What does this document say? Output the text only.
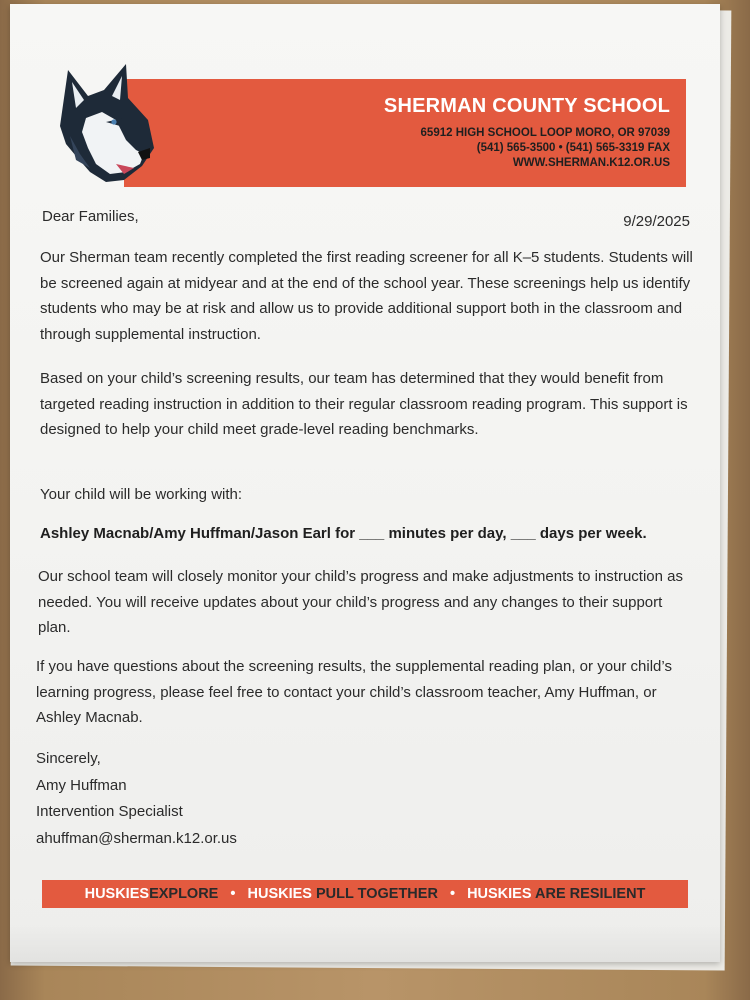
SHERMAN COUNTY SCHOOL
65912 HIGH SCHOOL LOOP MORO, OR 97039
(541) 565-3500 • (541) 565-3319 FAX
WWW.SHERMAN.K12.OR.US
Dear Families,	9/29/2025
Our Sherman team recently completed the first reading screener for all K–5 students. Students will be screened again at midyear and at the end of the school year. These screenings help us identify students who may be at risk and allow us to provide additional support both in the classroom and through supplemental instruction.
Based on your child’s screening results, our team has determined that they would benefit from targeted reading instruction in addition to their regular classroom reading program. This support is designed to help your child meet grade-level reading benchmarks.
Your child will be working with:
Ashley Macnab/Amy Huffman/Jason Earl for ___ minutes per day, ___ days per week.
Our school team will closely monitor your child’s progress and make adjustments to instruction as needed. You will receive updates about your child’s progress and any changes to their support plan.
If you have questions about the screening results, the supplemental reading plan, or your child’s learning progress, please feel free to contact your child’s classroom teacher, Amy Huffman, or Ashley Macnab.
Sincerely,
Amy Huffman
Intervention Specialist
ahuffman@sherman.k12.or.us
HUSKIESEXPLORE • HUSKIES PULL TOGETHER • HUSKIES ARE RESILIENT
